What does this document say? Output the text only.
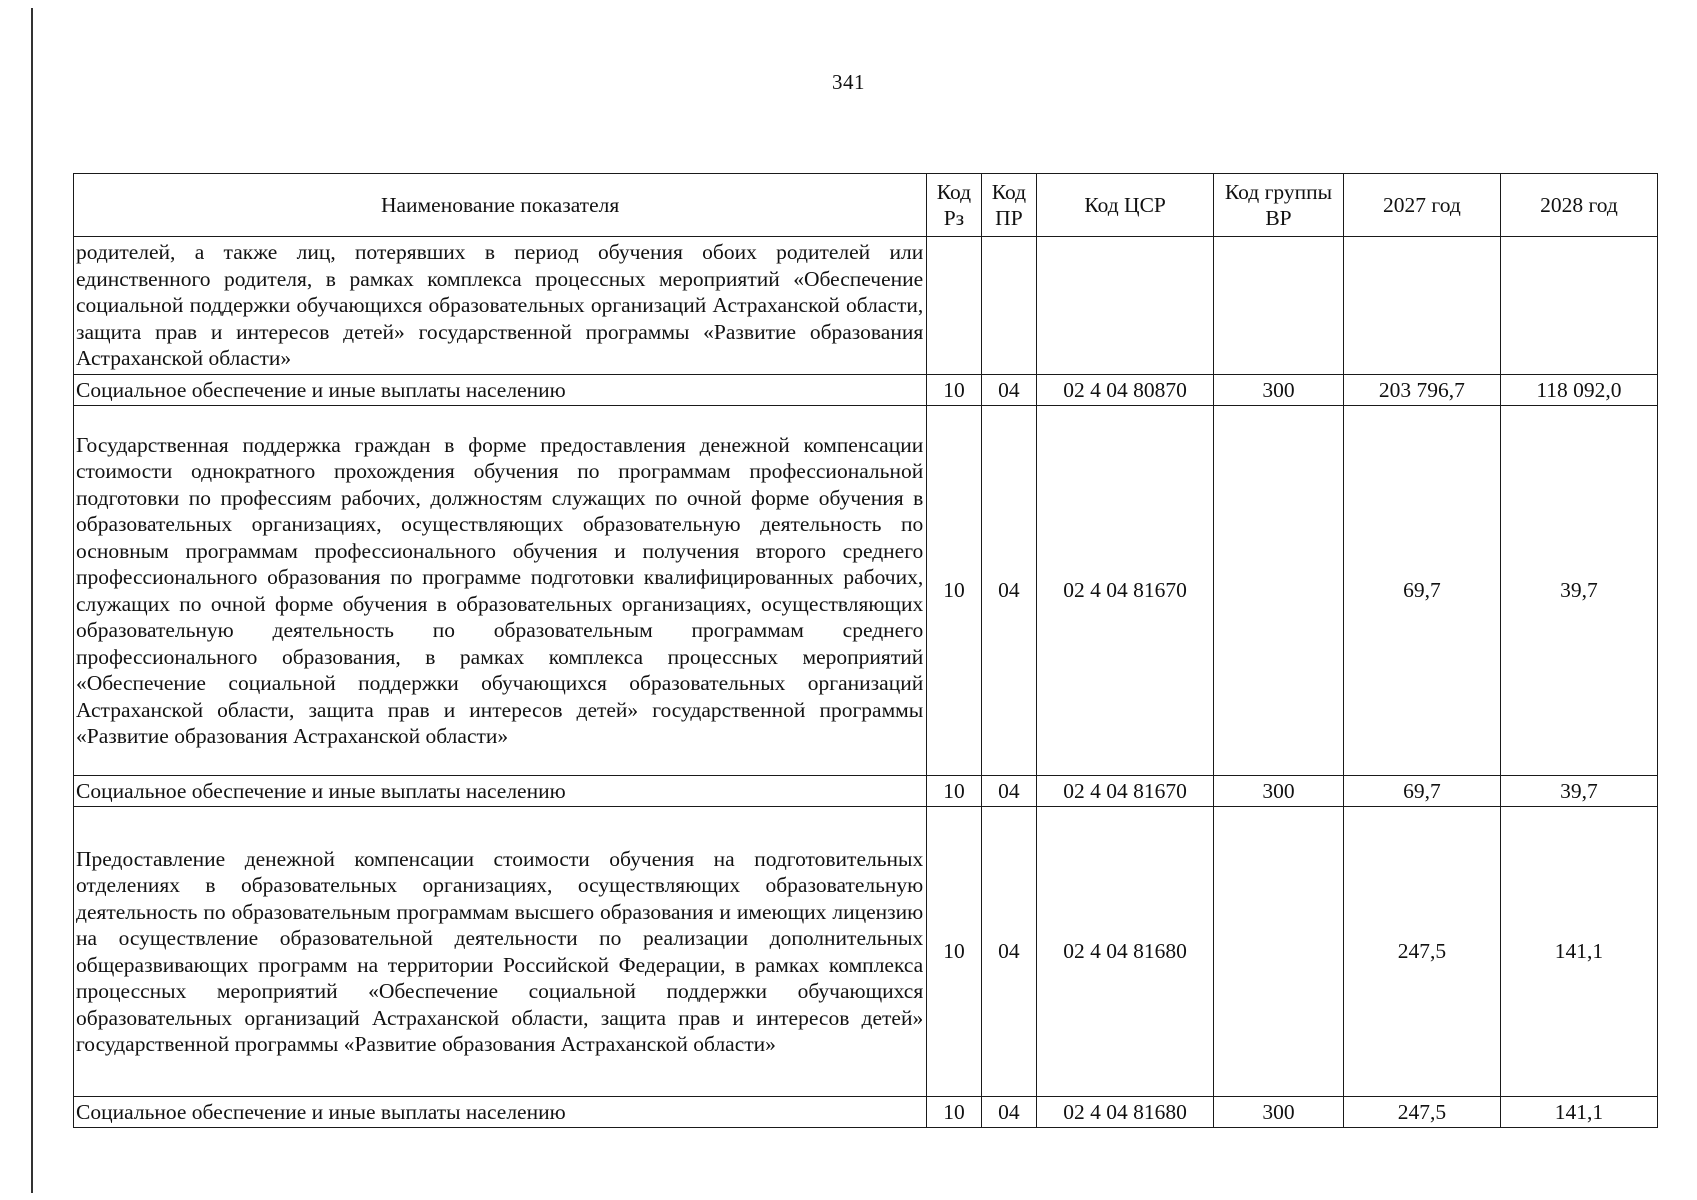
341
Наименование показателя	Код Рз	Код ПР	Код ЦСР	Код группы ВР	2027 год	2028 год
родителей, а также лиц, потерявших в период обучения обоих родителей или единственного родителя, в рамках комплекса процессных мероприятий «Обеспечение социальной поддержки обучающихся образовательных организаций Астраханской области, защита прав и интересов детей» государственной программы «Развитие образования Астраханской области»						
Социальное обеспечение и иные выплаты населению	10	04	02 4 04 80870	300	203 796,7	118 092,0
Государственная поддержка граждан в форме предоставления денежной компенсации стоимости однократного прохождения обучения по программам профессиональной подготовки по профессиям рабочих, должностям служащих по очной форме обучения в образовательных организациях, осуществляющих образовательную деятельность по основным программам профессионального обучения и получения второго среднего профессионального образования по программе подготовки квалифицированных рабочих, служащих по очной форме обучения в образовательных организациях, осуществляющих образовательную деятельность по образовательным программам среднего профессионального образования, в рамках комплекса процессных мероприятий «Обеспечение социальной поддержки обучающихся образовательных организаций Астраханской области, защита прав и интересов детей» государственной программы «Развитие образования Астраханской области»	10	04	02 4 04 81670		69,7	39,7
Социальное обеспечение и иные выплаты населению	10	04	02 4 04 81670	300	69,7	39,7
Предоставление денежной компенсации стоимости обучения на подготовительных отделениях в образовательных организациях, осуществляющих образовательную деятельность по образовательным программам высшего образования и имеющих лицензию на осуществление образовательной деятельности по реализации дополнительных общеразвивающих программ на территории Российской Федерации, в рамках комплекса процессных мероприятий «Обеспечение социальной поддержки обучающихся образовательных организаций Астраханской области, защита прав и интересов детей» государственной программы «Развитие образования Астраханской области»	10	04	02 4 04 81680		247,5	141,1
Социальное обеспечение и иные выплаты населению	10	04	02 4 04 81680	300	247,5	141,1
